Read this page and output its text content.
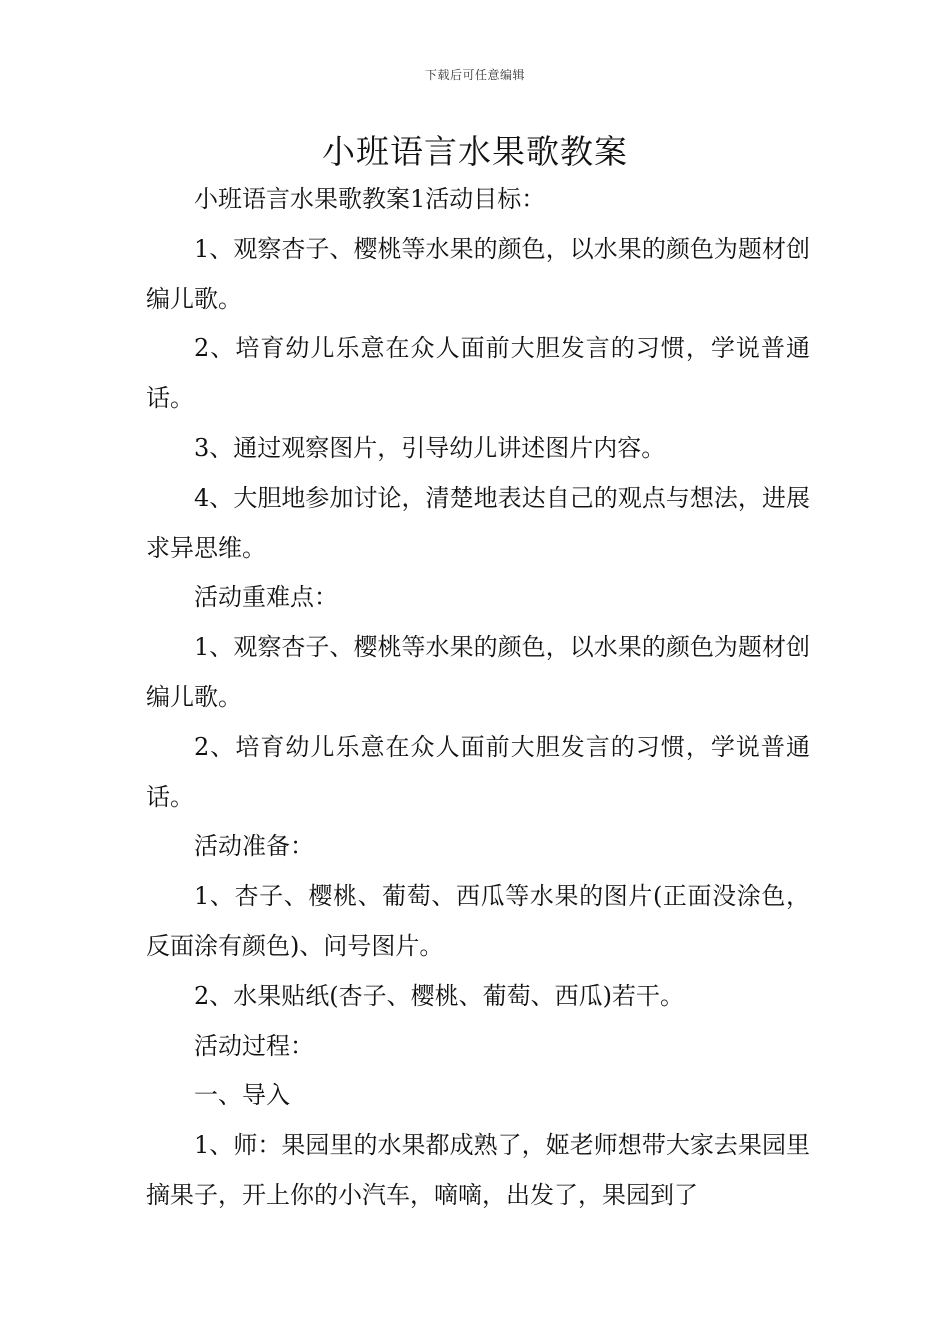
下载后可任意编辑
小班语言水果歌教案

小班语言水果歌教案1活动目标：

1、观察杏子、樱桃等水果的颜色，以水果的颜色为题材创编儿歌。

2、培育幼儿乐意在众人面前大胆发言的习惯，学说普通话。

3、通过观察图片，引导幼儿讲述图片内容。

4、大胆地参加讨论，清楚地表达自己的观点与想法，进展求异思维。

活动重难点：

1、观察杏子、樱桃等水果的颜色，以水果的颜色为题材创编儿歌。

2、培育幼儿乐意在众人面前大胆发言的习惯，学说普通话。

活动准备：

1、杏子、樱桃、葡萄、西瓜等水果的图片(正面没涂色，反面涂有颜色)、问号图片。

2、水果贴纸(杏子、樱桃、葡萄、西瓜)若干。

活动过程：

一、导入

1、师：果园里的水果都成熟了，姬老师想带大家去果园里摘果子，开上你的小汽车，嘀嘀，出发了，果园到了
